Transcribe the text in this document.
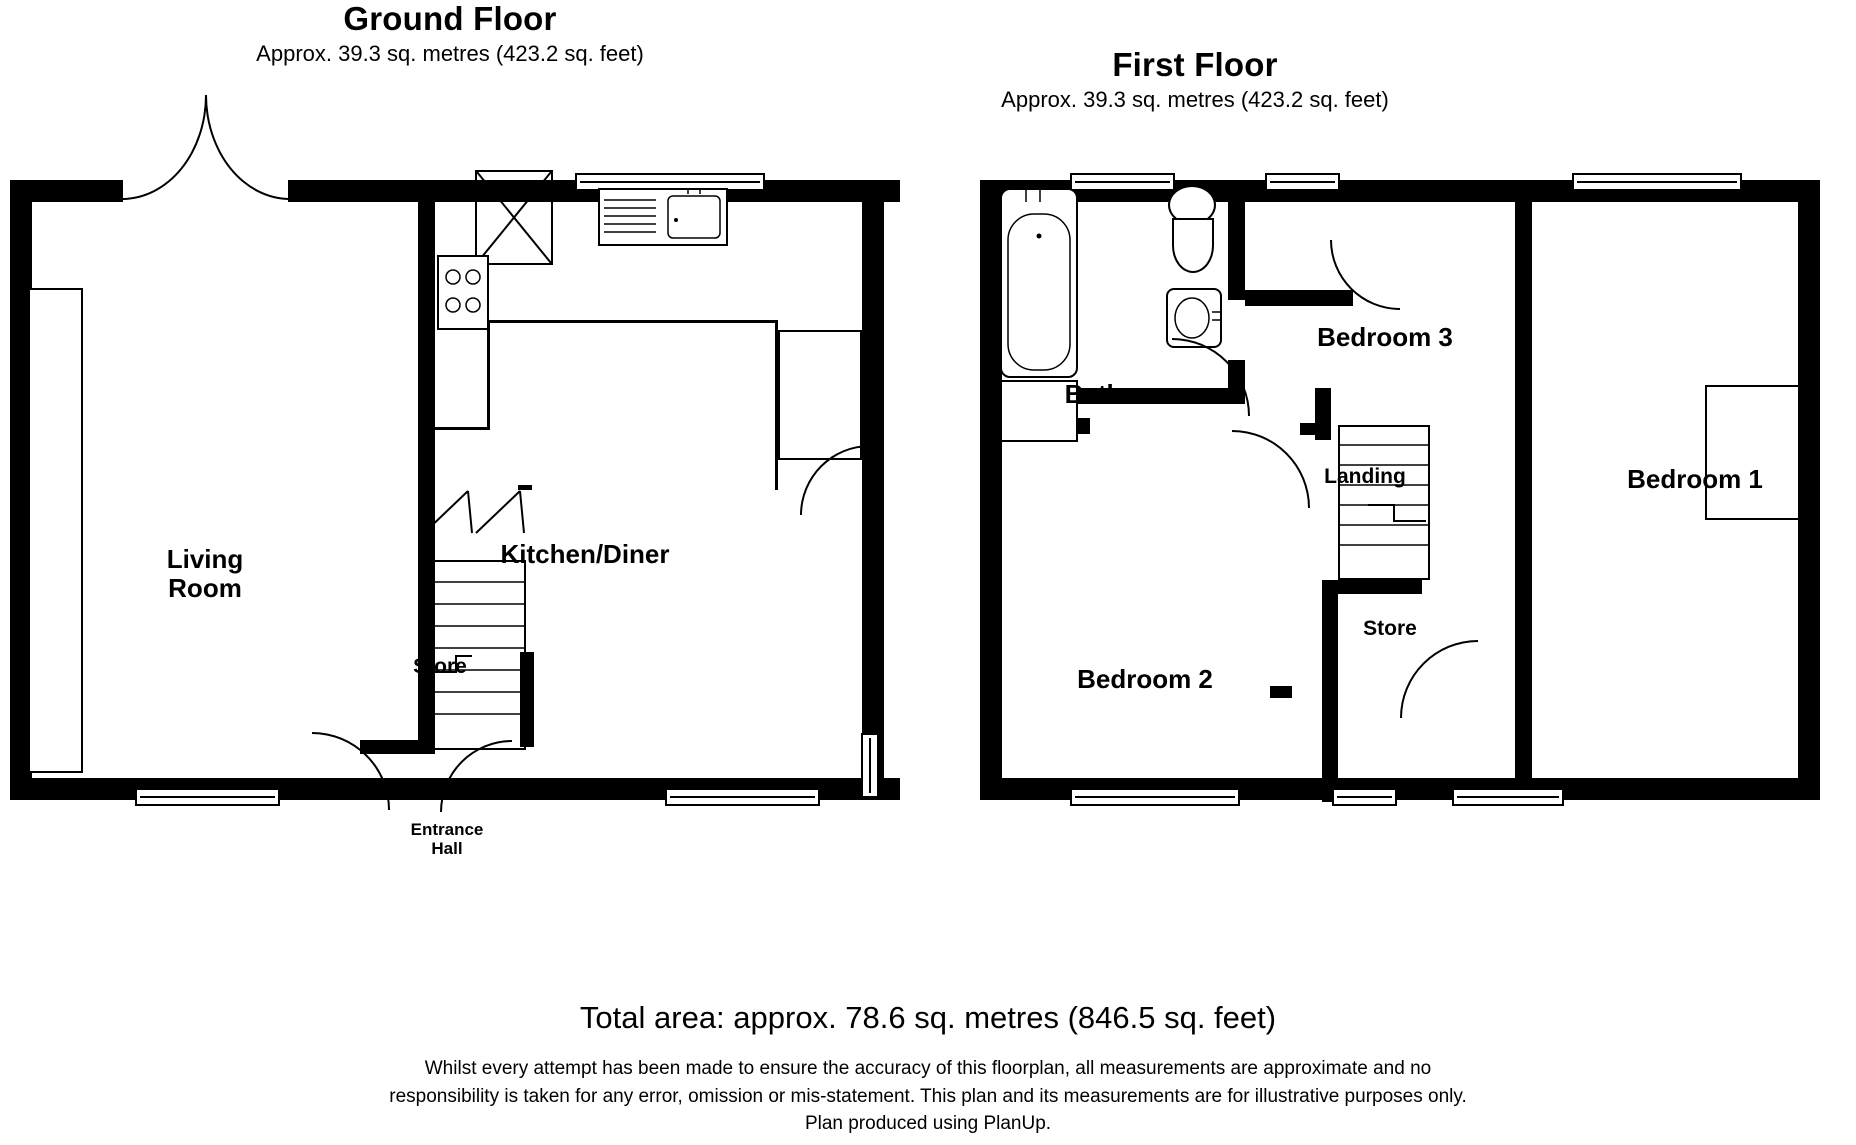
Ground Floor
Approx. 39.3 sq. metres (423.2 sq. feet)	First Floor
Approx. 39.3 sq. metres (423.2 sq. feet)
Living
Room
Kitchen/Diner
Store
Entrance
Hall
Bathroom
Bedroom 3
Bedroom 1
Bedroom 2
Landing
Store
Total area: approx. 78.6 sq. metres (846.5 sq. feet)
Whilst every attempt has been made to ensure the accuracy of this floorplan, all measurements are approximate and no
responsibility is taken for any error, omission or mis-statement. This plan and its measurements are for illustrative purposes only.
Plan produced using PlanUp.
